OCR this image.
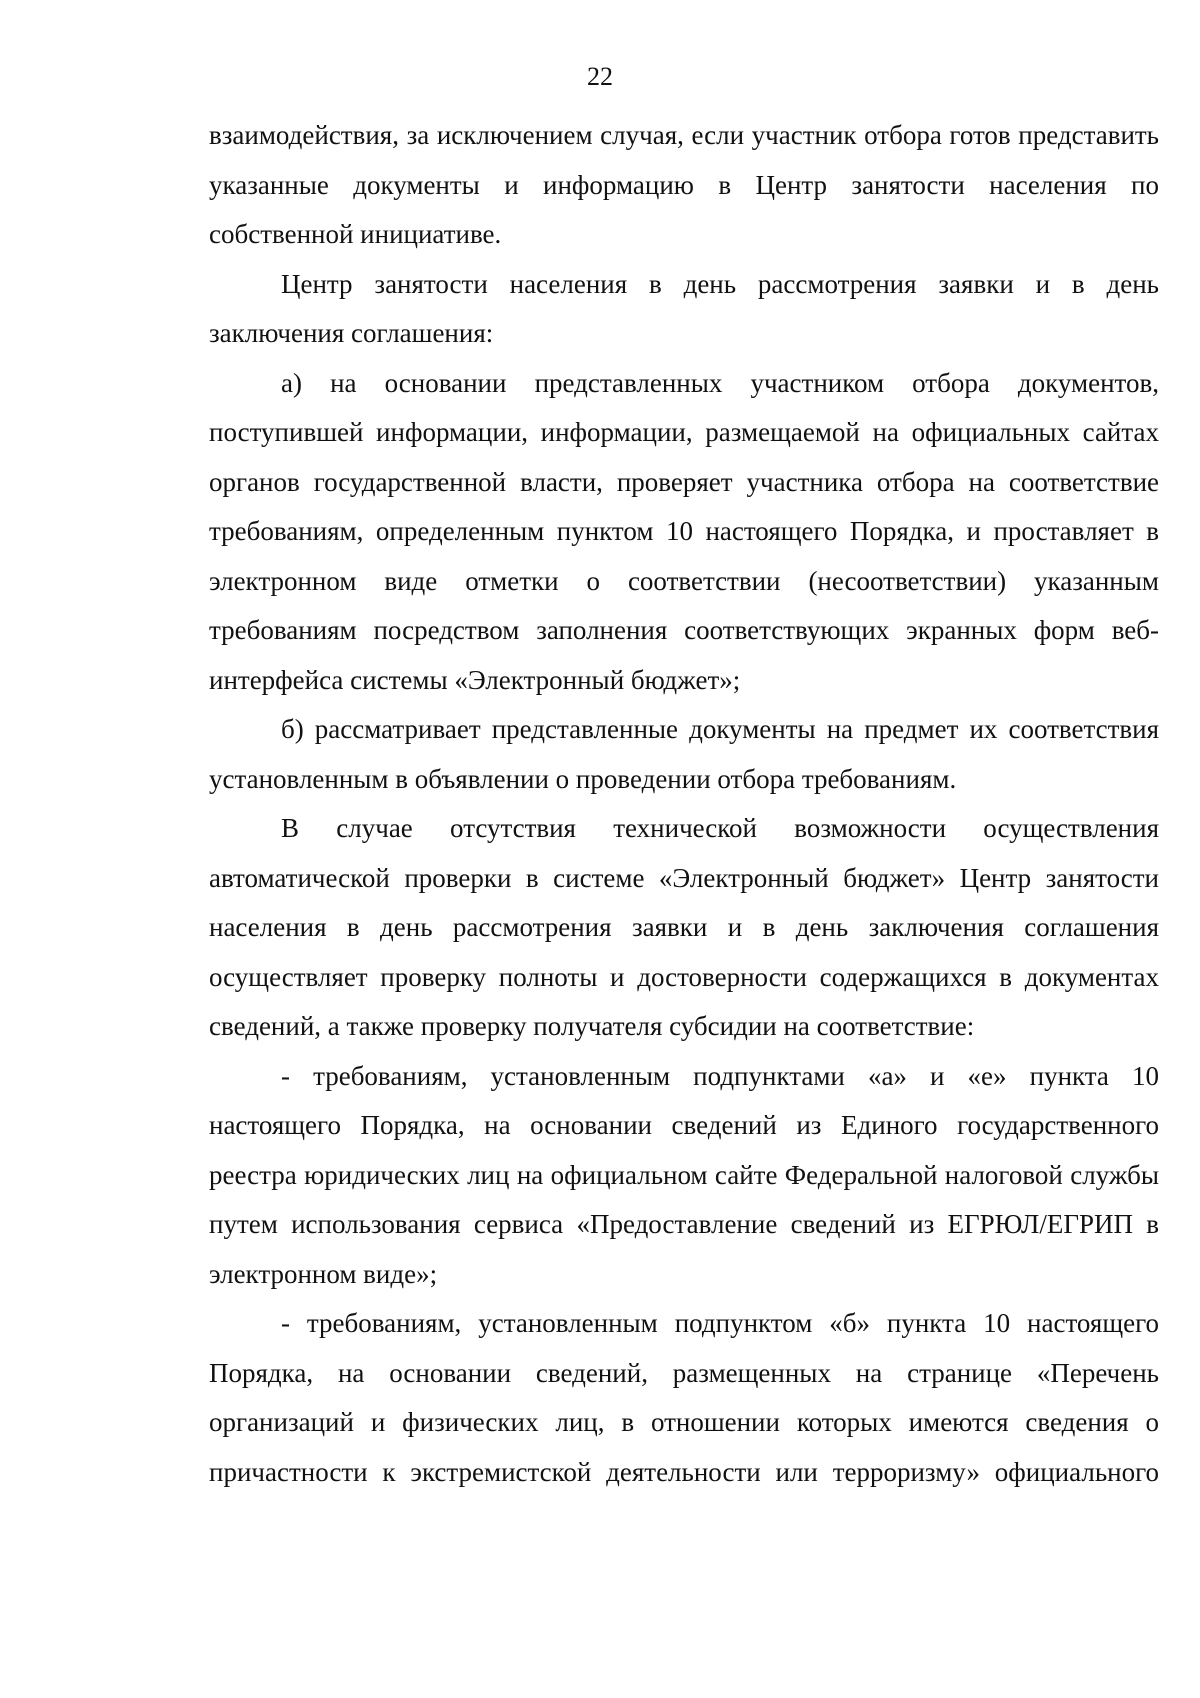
22

взаимодействия, за исключением случая, если участник отбора готов представить указанные документы и информацию в Центр занятости населения по собственной инициативе.

Центр занятости населения в день рассмотрения заявки и в день заключения соглашения:

а) на основании представленных участником отбора документов, поступившей информации, информации, размещаемой на официальных сайтах органов государственной власти, проверяет участника отбора на соответствие требованиям, определенным пунктом 10 настоящего Порядка, и проставляет в электронном виде отметки о соответствии (несоответствии) указанным требованиям посредством заполнения соответствующих экранных форм веб-интерфейса системы «Электронный бюджет»;

б) рассматривает представленные документы на предмет их соответствия установленным в объявлении о проведении отбора требованиям.

В случае отсутствия технической возможности осуществления автоматической проверки в системе «Электронный бюджет» Центр занятости населения в день рассмотрения заявки и в день заключения соглашения осуществляет проверку полноты и достоверности содержащихся в документах сведений, а также проверку получателя субсидии на соответствие:

- требованиям, установленным подпунктами «а» и «е» пункта 10 настоящего Порядка, на основании сведений из Единого государственного реестра юридических лиц на официальном сайте Федеральной налоговой службы путем использования сервиса «Предоставление сведений из ЕГРЮЛ/ЕГРИП в электронном виде»;

- требованиям, установленным подпунктом «б» пункта 10 настоящего Порядка, на основании сведений, размещенных на странице «Перечень организаций и физических лиц, в отношении которых имеются сведения о причастности к экстремистской деятельности или терроризму» официального
